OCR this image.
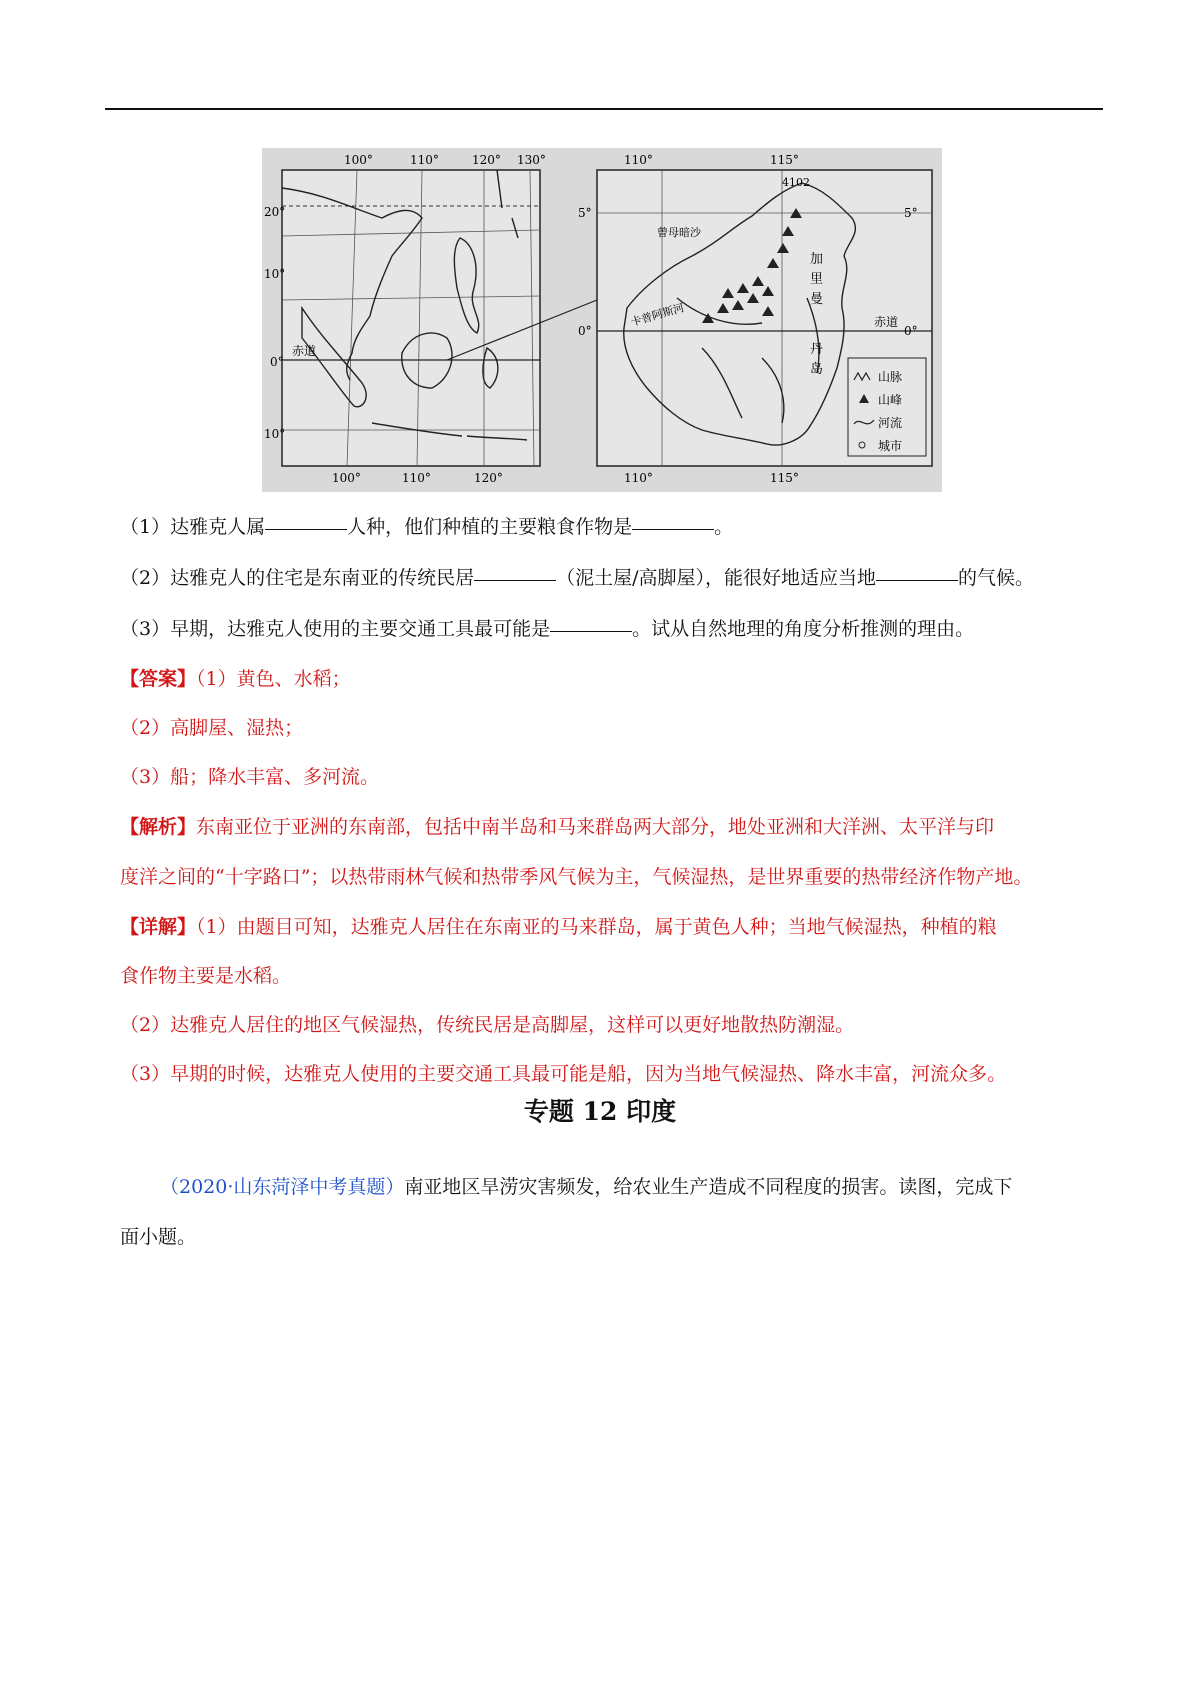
100°	110°	120° 130°
100°	110°	120°
20°
10°
0°
10°
赤道
110°	115°
110°	115°
5°
0°
5°
0°
4102
曾母暗沙
卡普阿斯河
加
里
曼
丹
岛
赤道
山脉
山峰
河流
城市
（1）达雅克人属	人种，他们种植的主要粮食作物是	。
（2）达雅克人的住宅是东南亚的传统民居	（泥土屋/高脚屋），能很好地适应当地	的气候。
（3）早期，达雅克人使用的主要交通工具最可能是	。试从自然地理的角度分析推测的理由。
【答案】（1）黄色、水稻；
（2）高脚屋、湿热；
（3）船；降水丰富、多河流。
【解析】东南亚位于亚洲的东南部，包括中南半岛和马来群岛两大部分，地处亚洲和大洋洲、太平洋与印
度洋之间的“十字路口”；以热带雨林气候和热带季风气候为主，气候湿热，是世界重要的热带经济作物产地。
【详解】（1）由题目可知，达雅克人居住在东南亚的马来群岛，属于黄色人种；当地气候湿热，种植的粮
食作物主要是水稻。
（2）达雅克人居住的地区气候湿热，传统民居是高脚屋，这样可以更好地散热防潮湿。
（3）早期的时候，达雅克人使用的主要交通工具最可能是船，因为当地气候湿热、降水丰富，河流众多。
专题 12 印度
（2020·山东菏泽中考真题）南亚地区旱涝灾害频发，给农业生产造成不同程度的损害。读图，完成下
面小题。
